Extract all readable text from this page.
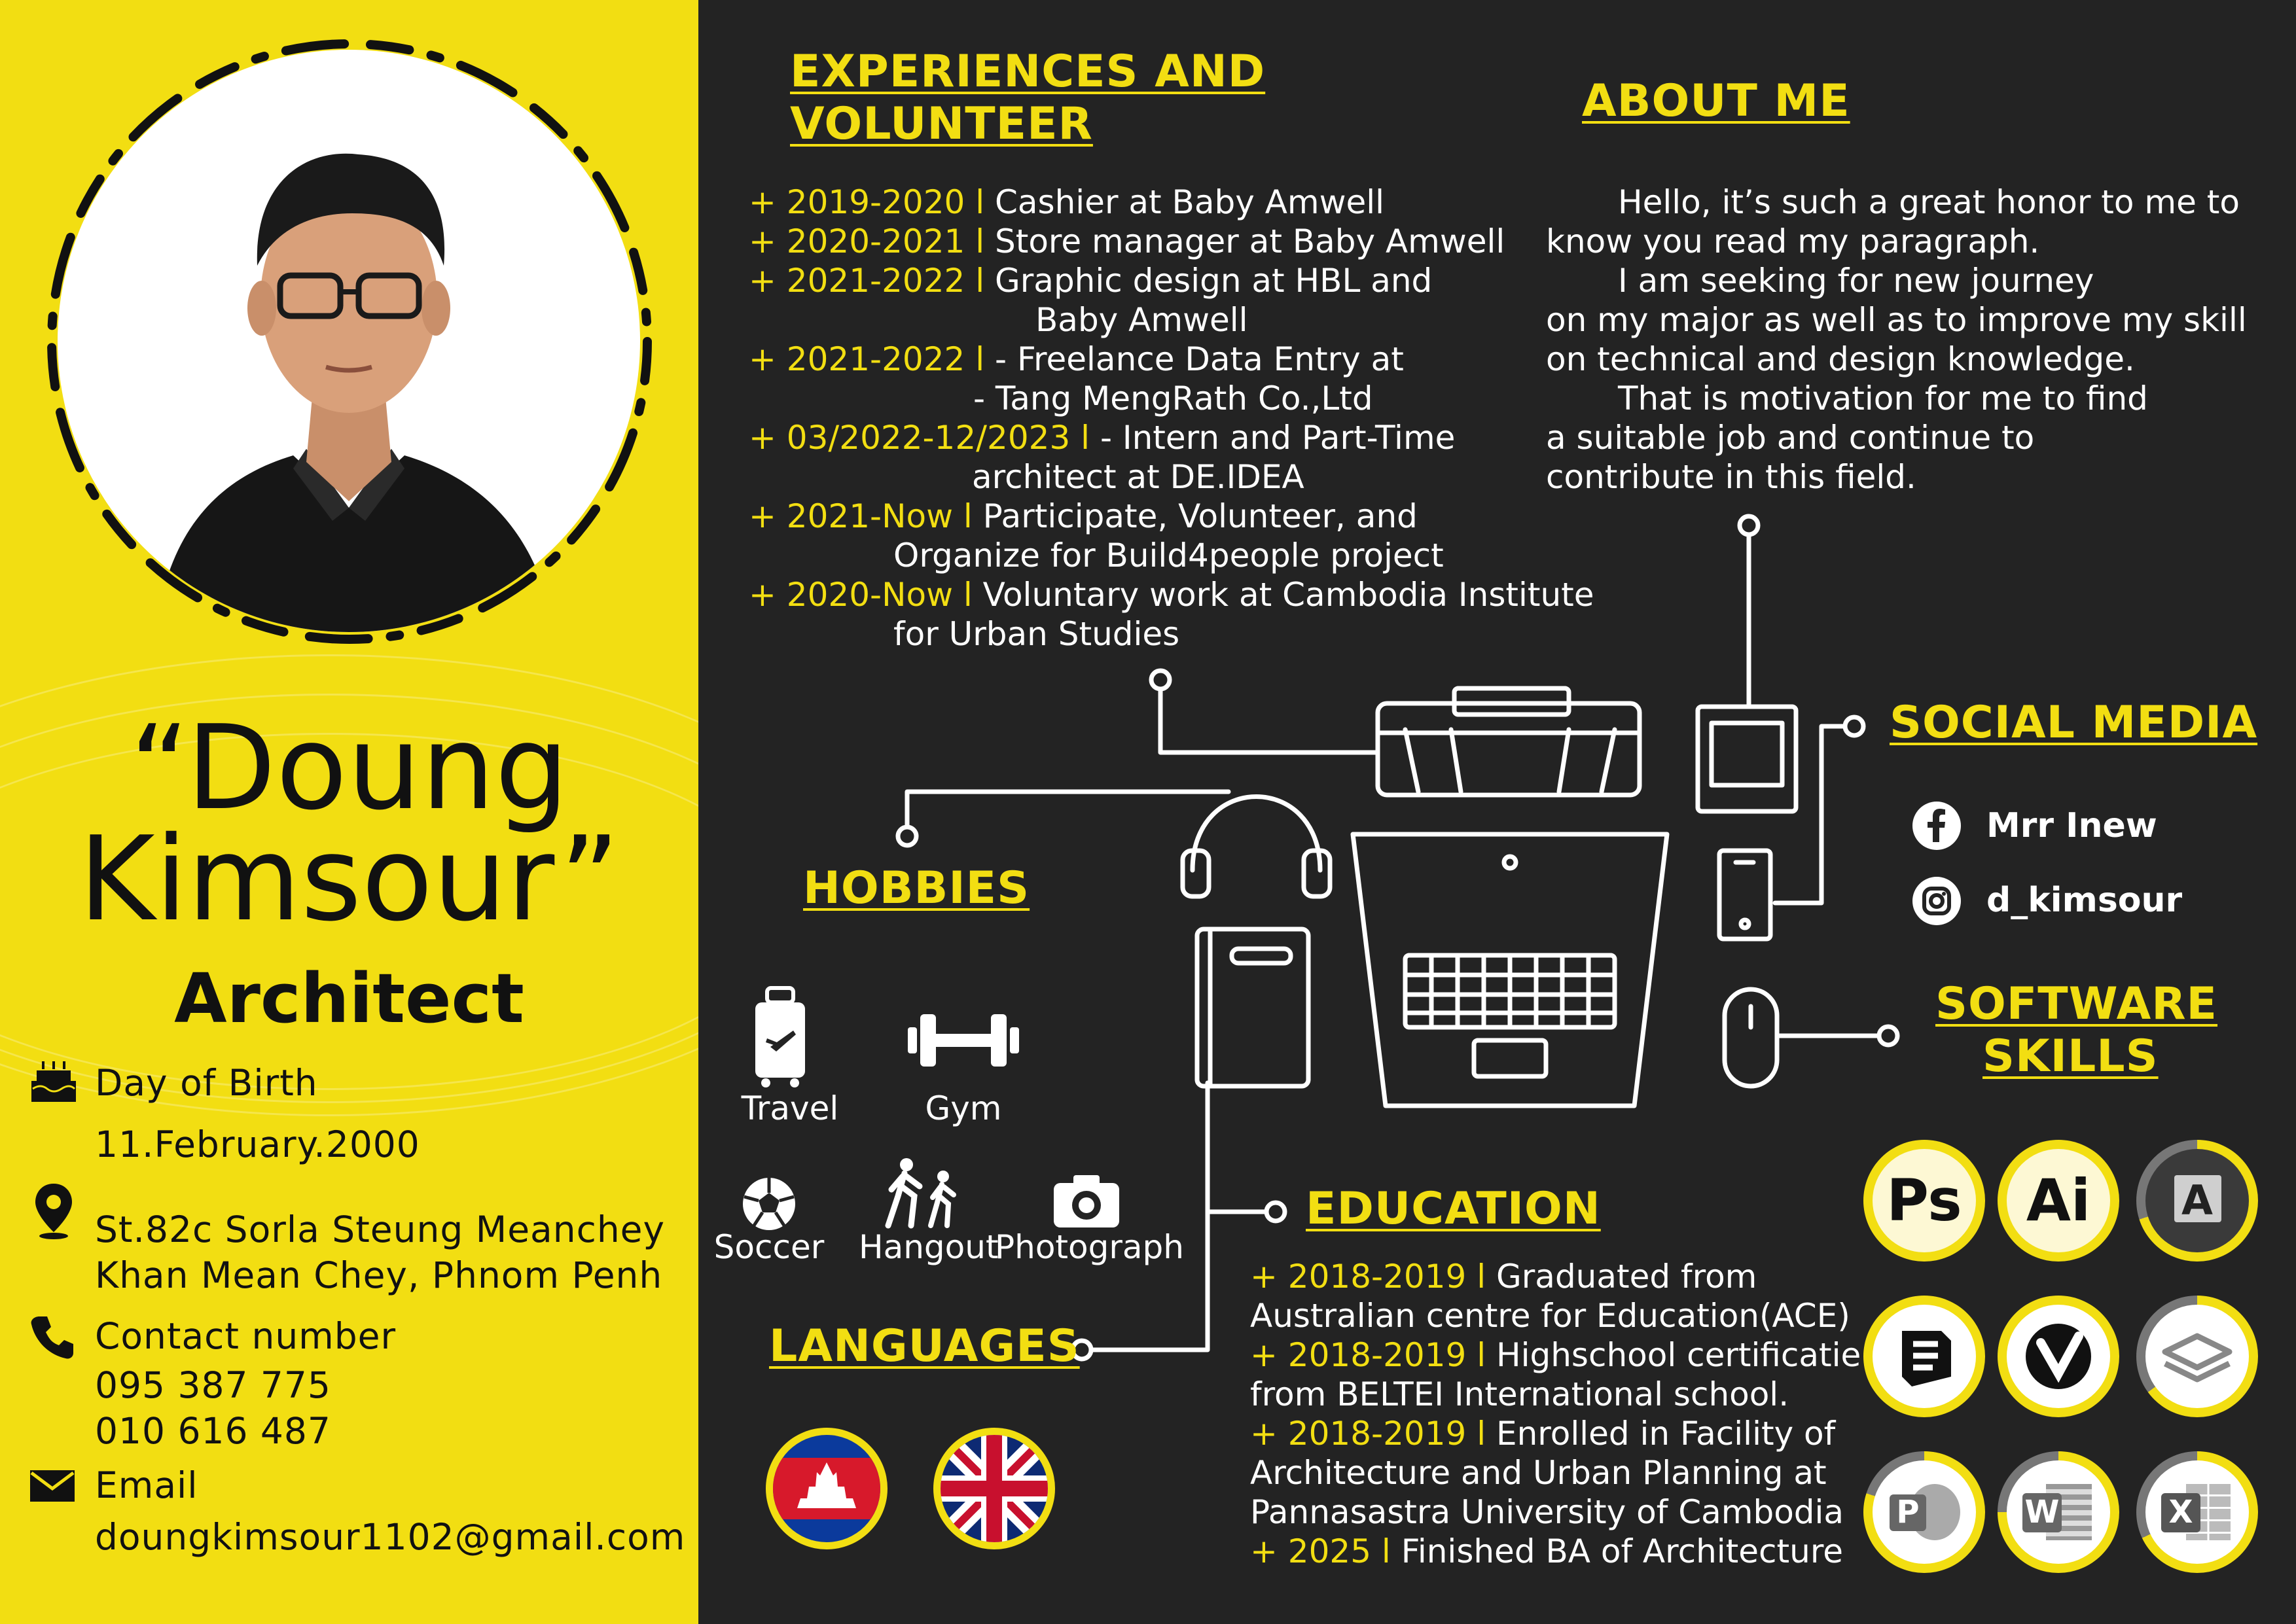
“Doung
Kimsour”
Architect
Day of Birth
11.February.2000
St.82c Sorla Steung Meanchey
Khan Mean Chey, Phnom Penh
Contact number
095 387 775
010 616 487
Email
doungkimsour1102@gmail.com
EXPERIENCES AND
VOLUNTEER
+ 2019-2020 l Cashier at Baby Amwell
+ 2020-2021 l Store manager at Baby Amwell
+ 2021-2022 l Graphic design at HBL and
Baby Amwell
+ 2021-2022 l - Freelance Data Entry at
- Tang MengRath Co.,Ltd
+ 03/2022-12/2023 l - Intern and Part-Time
architect at DE.IDEA
+ 2021-Now l Participate, Volunteer, and
Organize for Build4people project
+ 2020-Now l Voluntary work at Cambodia Institute
for Urban Studies
ABOUT ME
Hello, it’s such a great honor to me to
know you read my paragraph.
I am seeking for new journey
on my major as well as to improve my skill
on technical and design knowledge.
That is motivation for me to find
a suitable job and continue to
contribute in this field.
SOCIAL MEDIA
Mrr Inew
d_kimsour
HOBBIES
Travel	Gym
Soccer	Hangout
Photograph
LANGUAGES
SOFTWARE
SKILLS
Ps	Ai	A
P	W	X
EDUCATION
+ 2018-2019 l Graduated from
Australian centre for Education(ACE)
+ 2018-2019 l Highschool certificatie
from BELTEI International school.
+ 2018-2019 l Enrolled in Facility of
Architecture and Urban Planning at
Pannasastra University of Cambodia
+ 2025 l Finished BA of Architecture
